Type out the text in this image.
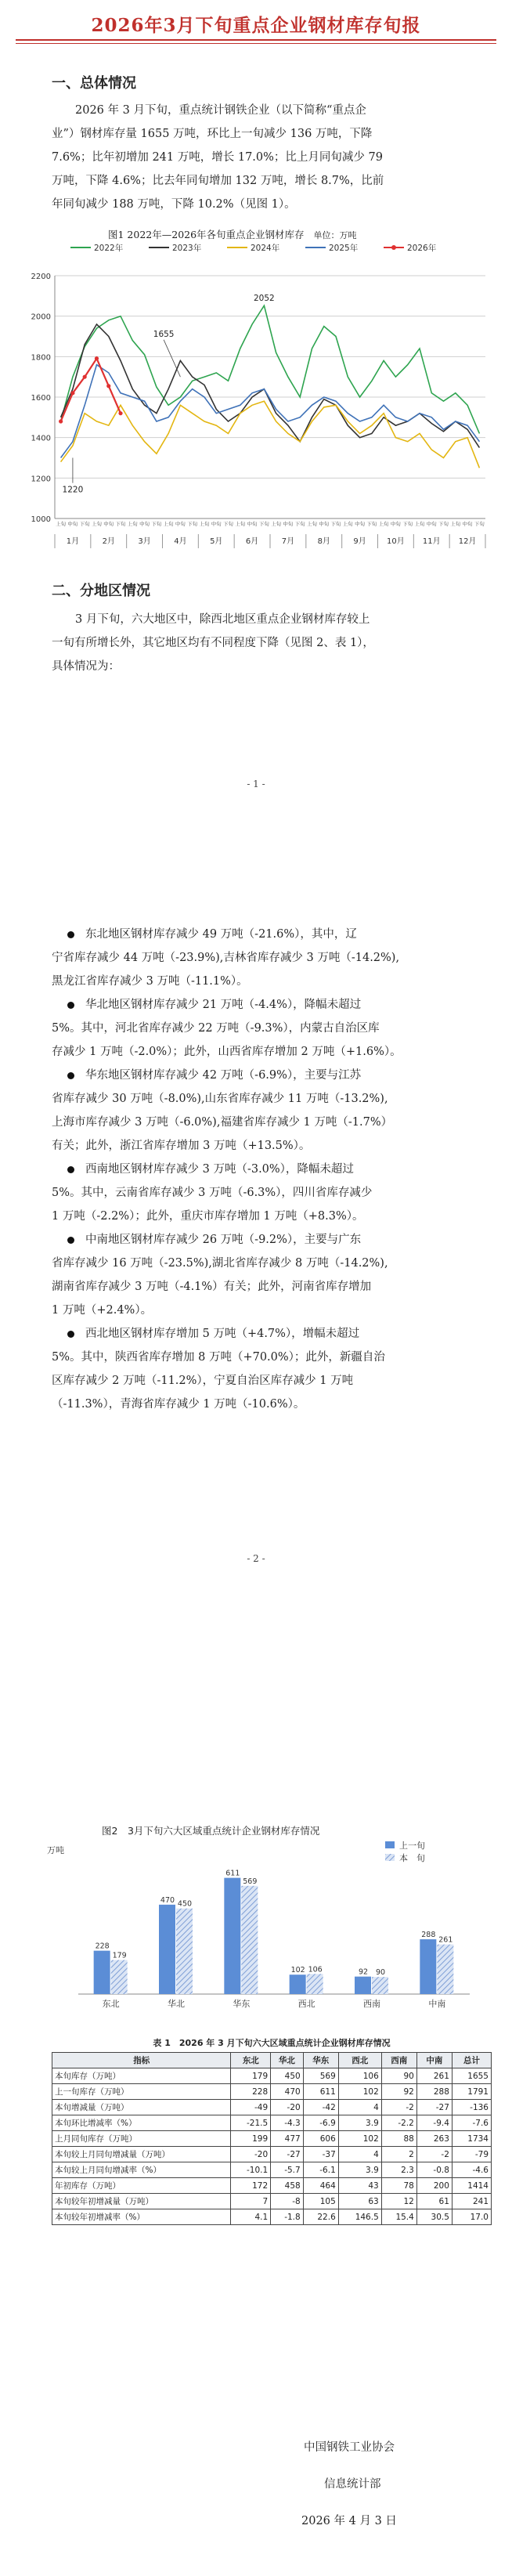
2026年3月下旬重点企业钢材库存旬报
一、总体情况
2026 年 3 月下旬，重点统计钢铁企业（以下简称“重点企
业”）钢材库存量 1655 万吨，环比上一旬减少 136 万吨，下降
7.6%；比年初增加 241 万吨，增长 17.0%；比上月同旬减少 79
万吨，下降 4.6%；比去年同旬增加 132 万吨，增长 8.7%，比前
年同旬减少 188 万吨，下降 10.2%（见图 1）。
图1 2022年—2026年各旬重点企业钢材库存 单位：万吨
2022年	2023年	2024年	2025年	2026年
1000
1200
1400
1600
1800
2000
2200
上旬 中旬 下旬 上旬 中旬 下旬 上旬 中旬 下旬 上旬 中旬 下旬 上旬 中旬 下旬 上旬 中旬 下旬 上旬 中旬 下旬 上旬 中旬 下旬 上旬 中旬 下旬 上旬 中旬 下旬 上旬 中旬 下旬 上旬 中旬 下旬
1月	2月	3月	4月	5月	6月	7月	8月	9月	10月 11月 12月
1655
2052
1220
二、分地区情况
3 月下旬，六大地区中，除西北地区重点企业钢材库存较上
一旬有所增长外，其它地区均有不同程度下降（见图 2、表 1），
具体情况为：
- 1 -
东北地区钢材库存减少 49 万吨（-21.6%），其中，辽
宁省库存减少 44 万吨（-23.9%),吉林省库存减少 3 万吨（-14.2%),
黑龙江省库存减少 3 万吨（-11.1%）。
华北地区钢材库存减少 21 万吨（-4.4%），降幅未超过
5%。其中，河北省库存减少 22 万吨（-9.3%），内蒙古自治区库
存减少 1 万吨（-2.0%）；此外，山西省库存增加 2 万吨（+1.6%）。
华东地区钢材库存减少 42 万吨（-6.9%），主要与江苏
省库存减少 30 万吨（-8.0%),山东省库存减少 11 万吨（-13.2%),
上海市库存减少 3 万吨（-6.0%),福建省库存减少 1 万吨（-1.7%）
有关；此外，浙江省库存增加 3 万吨（+13.5%）。
西南地区钢材库存减少 3 万吨（-3.0%），降幅未超过
5%。其中，云南省库存减少 3 万吨（-6.3%），四川省库存减少
1 万吨（-2.2%）；此外，重庆市库存增加 1 万吨（+8.3%）。
中南地区钢材库存减少 26 万吨（-9.2%），主要与广东
省库存减少 16 万吨（-23.5%),湖北省库存减少 8 万吨（-14.2%),
湖南省库存减少 3 万吨（-4.1%）有关；此外，河南省库存增加
1 万吨（+2.4%）。
西北地区钢材库存增加 5 万吨（+4.7%），增幅未超过
5%。其中，陕西省库存增加 8 万吨（+70.0%）；此外，新疆自治
区库存减少 2 万吨（-11.2%），宁夏自治区库存减少 1 万吨
（-11.3%），青海省库存减少 1 万吨（-10.6%）。
- 2 -
图2　3月下旬六大区域重点统计企业钢材库存情况
万吨	上一旬
本　旬
228
179
东北
470 450
华北
611
569
华东
102 106
西北
92 90
西南
288
261
中南
表 1　2026 年 3 月下旬六大区域重点统计企业钢材库存情况
指标	东北	华北	华东	西北	西南	中南	总计
本旬库存（万吨）	179	450	569	106	90	261	1655
上一旬库存（万吨）	228	470	611	102	92	288	1791
本旬增减量（万吨）	-49	-20	-42	4	-2	-27	-136
本旬环比增减率（%）	-21.5	-4.3	-6.9	3.9	-2.2	-9.4	-7.6
上月同旬库存（万吨）	199	477	606	102	88	263	1734
本旬较上月同旬增减量（万吨）	-20	-27	-37	4	2	-2	-79
本旬较上月同旬增减率（%）	-10.1	-5.7	-6.1	3.9	2.3	-0.8	-4.6
年初库存（万吨）	172	458	464	43	78	200	1414
本旬较年初增减量（万吨）	7	-8	105	63	12	61	241
本旬较年初增减率（%）	4.1	-1.8	22.6	146.5	15.4	30.5	17.0
中国钢铁工业协会
信息统计部
2026 年 4 月 3 日
